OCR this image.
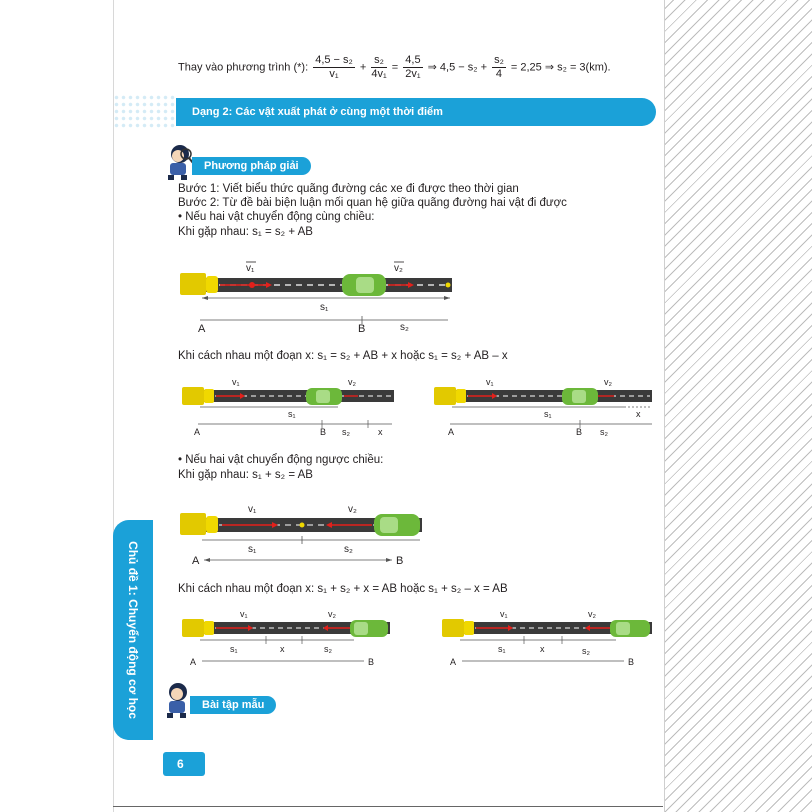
Thay vào phương trình (*): $\frac{\text{4,5 − s₂}}{\text{v₁}} + \frac{\text{s₂}}{\text{4v₁}} = \frac{4,5}{\text{2v₁}}$ ⇒ $4,5 - s_2 + \frac{\text{s₂}}{4} = 2,25$ ⇒ s₂ = 3(km).
Dạng 2: Các vật xuất phát ở cùng một thời điểm
Phương pháp giải
Bước 1: Viết biểu thức quãng đường các xe đi được theo thời gian
Bước 2: Từ đề bài biện luận mối quan hệ giữa quãng đường hai vật đi được
• Nếu hai vật chuyển động cùng chiều:
Khi gặp nhau: s₁ = s₂ + AB
v₁	v₂
s₁
A	B	s₂
Khi cách nhau một đoạn x: s₁ = s₂ + AB + x hoặc s₁ = s₂ + AB – x
v₁	v₂
s₁
A	B s₂	x
v₁	v₂
s₁	x
A	B s₂
• Nếu hai vật chuyển động ngược chiều:
Khi gặp nhau: s₁ + s₂ = AB
v₁	v₂
s₁	s₂
A	B
Khi cách nhau một đoạn x: s₁ + s₂ + x = AB hoặc s₁ + s₂ – x = AB
v₁	v₂
s₁	x	s₂
A	B
v₁	v₂
s₁	x	s₂
A	B
Bài tập mẫu
Chủ đề 1: Chuyển động cơ học
6
